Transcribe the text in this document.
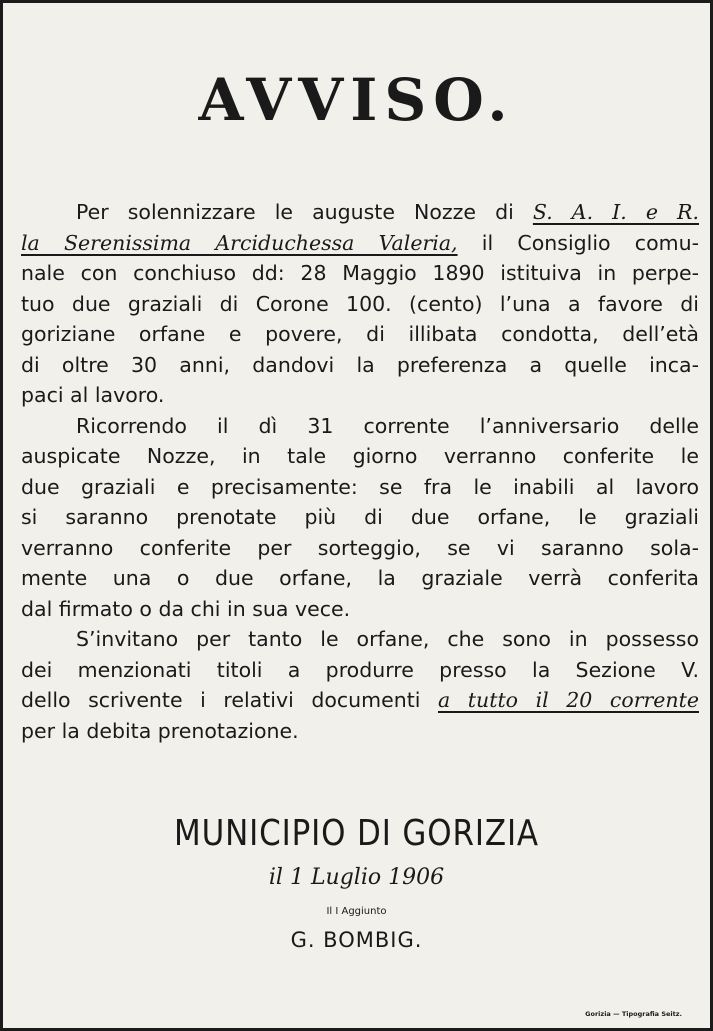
AVVISO.
Per solennizzare le auguste Nozze di S. A. I. e R.
la Serenissima Arciduchessa Valeria, il Consiglio comu-
nale con conchiuso dd: 28 Maggio 1890 istituiva in perpe-
tuo due graziali di Corone 100. (cento) l’una a favore di
goriziane orfane e povere, di illibata condotta, dell’età
di oltre 30 anni, dandovi la preferenza a quelle inca-
paci al lavoro.
Ricorrendo il dì 31 corrente l’anniversario delle
auspicate Nozze, in tale giorno verranno conferite le
due graziali e precisamente: se fra le inabili al lavoro
si saranno prenotate più di due orfane, le graziali
verranno conferite per sorteggio, se vi saranno sola-
mente una o due orfane, la graziale verrà conferita
dal firmato o da chi in sua vece.
S’invitano per tanto le orfane, che sono in possesso
dei menzionati titoli a produrre presso la Sezione V.
dello scrivente i relativi documenti a tutto il 20 corrente
per la debita prenotazione.
MUNICIPIO DI GORIZIA
il 1 Luglio 1906
Il I Aggiunto
G. BOMBIG.
Gorizia — Tipografia Seitz.
